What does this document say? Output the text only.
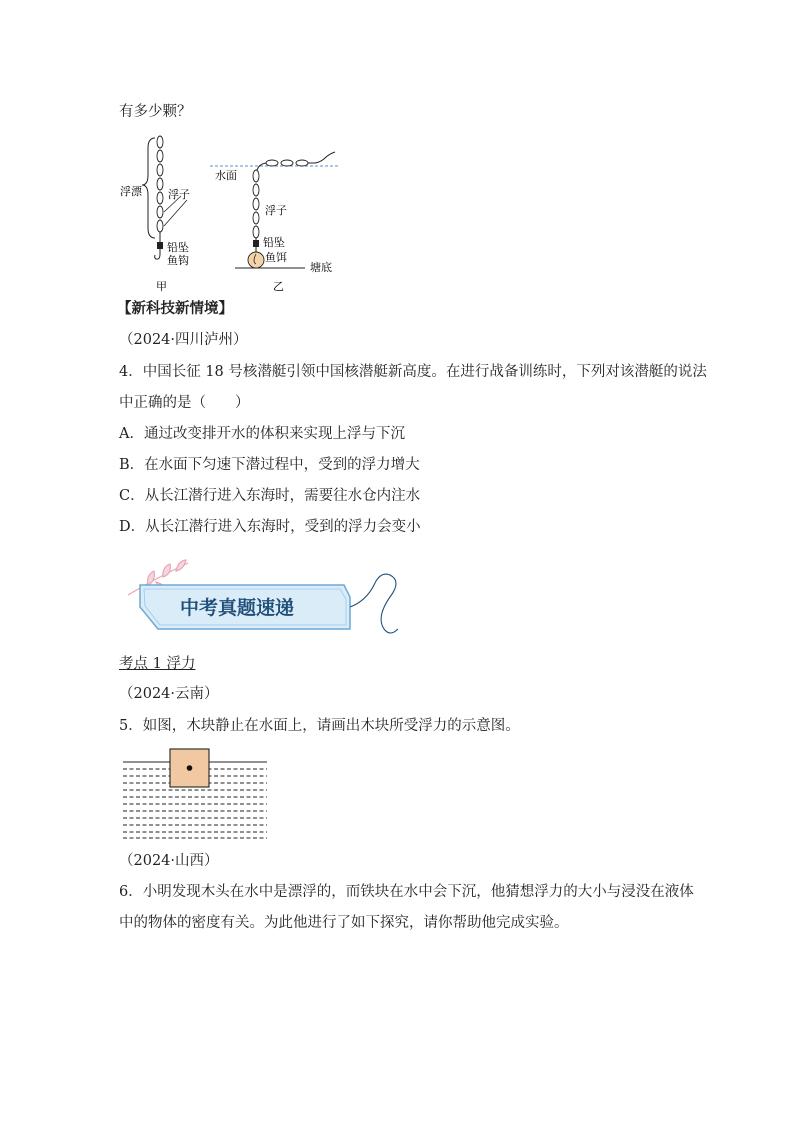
有多少颗？
浮漂 浮子
铅坠
鱼钩
甲
水面
浮子
铅坠
鱼饵
塘底
乙
【新科技新情境】
（2024·四川泸州）
4．中国长征 18 号核潜艇引领中国核潜艇新高度。在进行战备训练时，下列对该潜艇的说法
中正确的是（　　）
A．通过改变排开水的体积来实现上浮与下沉
B．在水面下匀速下潜过程中，受到的浮力增大
C．从长江潜行进入东海时，需要往水仓内注水
D．从长江潜行进入东海时，受到的浮力会变小
中考真题速递
考点 1 浮力
（2024·云南）
5．如图，木块静止在水面上，请画出木块所受浮力的示意图。
（2024·山西）
6．小明发现木头在水中是漂浮的，而铁块在水中会下沉，他猜想浮力的大小与浸没在液体
中的物体的密度有关。为此他进行了如下探究，请你帮助他完成实验。
